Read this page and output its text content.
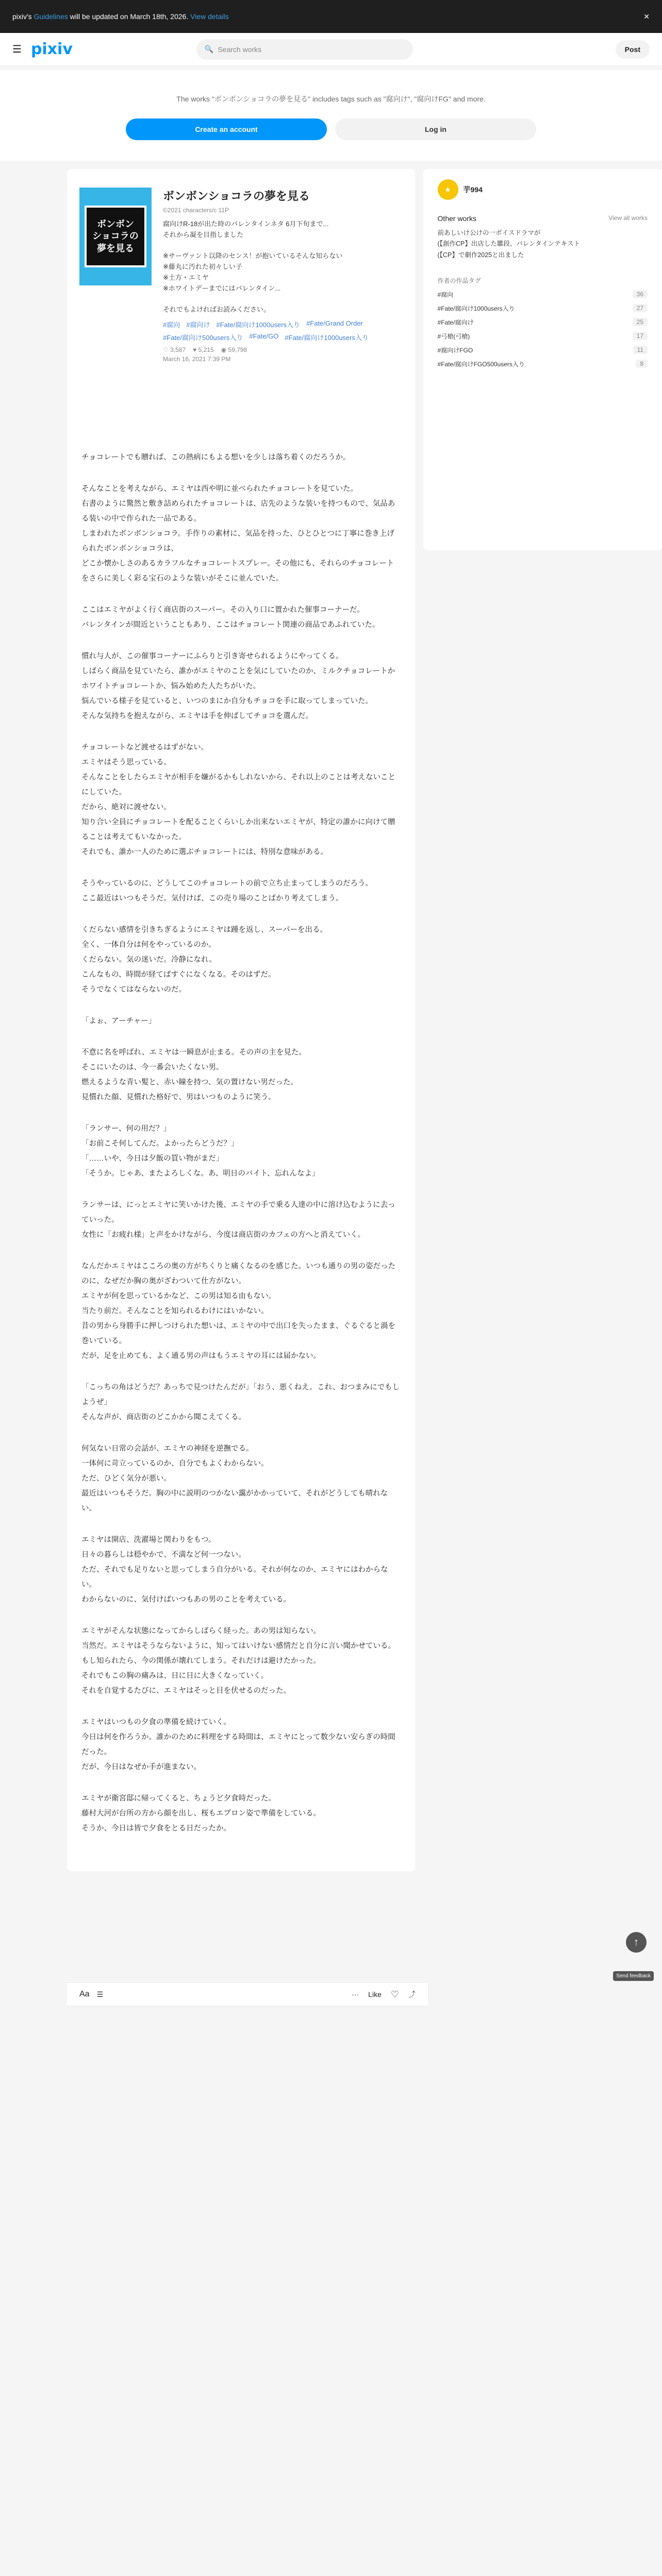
pixiv's Guidelines will be updated on March 18th, 2026. View details	✕
☰ pixiv	🔍 Search works	Post
The works "ボンボンショコラの夢を見る" includes tags such as "腐向け", "腐向けFG" and more.
Create an account	Log in
ボンボン
ショコラの
夢を見る
ボンボンショコラの夢を見る
©2021 characters/c 11P
腐向けR-18が出た時のバレンタインネタ 6月下旬まで...
それから凝を目指しました

※サーヴァント以降のセンス！が抱いているそんな知らない
※藤丸に汚れた初々しい子
※土方・エミヤ
※ホワイトデーまでにはバレンタイン...

それでもよければお読みください。
#腐向 #腐向け #Fate/腐向け1000users入り #Fate/Grand Order
#Fate/腐向け500users入り #Fate/GO #Fate/腐向け1000users入り
♡ 3,587 ♥ 5,215 ◉ 59,798
March 16, 2021 7:39 PM

チョコレートでも贈れば、この熱病にもよる想いを少しは落ち着くのだろうか。

そんなことを考えながら、エミヤは西や明に並べられたチョコレートを見ていた。
右書のように驚然と敷き詰められたチョコレートは、店先のような装いを持つもので、気品ある装いの中で作られた一品である。
しまわれたボンボンショコラ。手作りの素材に、気品を持った、ひとひとつに丁寧に巻き上げられたボンボンショコラは、
どこか懐かしさのあるカラフルなチョコレートスプレー。その他にも、それらのチョコレートをさらに美しく彩る宝石のような装いがそこに並んでいた。

ここはエミヤがよく行く商店街のスーパー。その入り口に置かれた催事コーナーだ。
バレンタインが間近ということもあり、ここはチョコレート関連の商品であふれていた。

慣れ与人が、この催事コーナーにふらりと引き寄せられるようにやってくる。
しばらく商品を見ていたら、誰かがエミヤのことを気にしていたのか、ミルクチョコレートかホワイトチョコレートか、悩み始めた人たちがいた。
悩んでいる様子を見ていると、いつのまにか自分もチョコを手に取ってしまっていた。
そんな気持ちを抱えながら、エミヤは手を伸ばしてチョコを選んだ。

チョコレートなど渡せるはずがない。
エミヤはそう思っている。
そんなことをしたらエミヤが相手を嫌がるかもしれないから、それ以上のことは考えないことにしていた。
だから、絶対に渡せない。
知り合い全員にチョコレートを配ることくらいしか出来ないエミヤが、特定の誰かに向けて贈ることは考えてもいなかった。
それでも、誰か一人のために選ぶチョコレートには、特別な意味がある。

そうやっているのに、どうしてこのチョコレートの前で立ち止まってしまうのだろう。
ここ最近はいつもそうだ。気付けば、この売り場のことばかり考えてしまう。

くだらない感情を引きちぎるようにエミヤは踵を返し、スーパーを出る。
全く、一体自分は何をやっているのか。
くだらない。気の迷いだ。冷静になれ。
こんなもの、時間が経てばすぐになくなる。そのはずだ。
そうでなくてはならないのだ。

「よぉ、アーチャー」

不意に名を呼ばれ、エミヤは一瞬息が止まる。その声の主を見た。
そこにいたのは、今一番会いたくない男。
燃えるような青い髪と、赤い瞳を持つ、気の置けない男だった。
見慣れた顔、見慣れた格好で、男はいつものように笑う。

「ランサー、何の用だ？」
「お前こそ何してんだ。よかったらどうだ？」
「……いや、今日は夕飯の買い物がまだ」
「そうか。じゃあ、またよろしくな。あ、明日のバイト、忘れんなよ」

ランサーは、にっとエミヤに笑いかけた後、エミヤの手で乗る人達の中に溶け込むように去っていった。
女性に「お疲れ様」と声をかけながら、今度は商店街のカフェの方へと消えていく。

なんだかエミヤはこころの奥の方がちくりと痛くなるのを感じた。いつも通りの男の姿だったのに、なぜだか胸の奥がざわついて仕方がない。
エミヤが何を思っているかなど、この男は知る由もない。
当たり前だ。そんなことを知られるわけにはいかない。
昔の男から身勝手に押しつけられた想いは、エミヤの中で出口を失ったまま、ぐるぐると渦を巻いている。
だが、足を止めても、よく通る男の声はもうエミヤの耳には届かない。

「こっちの角はどうだ？あっちで見つけたんだが」「おう、悪くねえ。これ、おつまみにでもしようぜ」
そんな声が、商店街のどこかから聞こえてくる。

何気ない日常の会話が、エミヤの神経を逆撫でる。
一体何に苛立っているのか、自分でもよくわからない。
ただ、ひどく気分が悪い。
最近はいつもそうだ。胸の中に説明のつかない靄がかかっていて、それがどうしても晴れない。

エミヤは開店、洗濯場と関わりをもつ。
日々の暮らしは穏やかで、不満など何一つない。
ただ、それでも足りないと思ってしまう自分がいる。それが何なのか、エミヤにはわからない。
わからないのに、気付けばいつもあの男のことを考えている。

エミヤがそんな状態になってからしばらく経った。あの男は知らない。
当然だ。エミヤはそうならないように、知ってはいけない感情だと自分に言い聞かせている。
もし知られたら、今の関係が壊れてしまう。それだけは避けたかった。
それでもこの胸の痛みは、日に日に大きくなっていく。
それを自覚するたびに、エミヤはそっと目を伏せるのだった。

エミヤはいつもの夕食の準備を続けていく。
今日は何を作ろうか。誰かのために料理をする時間は、エミヤにとって数少ない安らぎの時間だった。
だが、今日はなぜか手が進まない。

エミヤが衛宮邸に帰ってくると、ちょうど夕食時だった。
藤村大河が台所の方から顔を出し、桜もエプロン姿で準備をしている。
そうか、今日は皆で夕食をとる日だったか。

★	芋994
Other works	View all works
前あしいけ公けの一ボイスドラマが
(【創作CP】出店した雛段、バレンタインテキスト
(【CP】で劇作2025と出ました
作者の作品タグ
#腐向	36
#Fate/腐向け1000users入り	27
#Fate/腐向け	25
#弓槍(弓槍)	17
#腐向けFGO	11
#Fate/腐向けFGO500users入り	8
Aa ☰	··· Like ♡ ⤴
↑
Send feedback
